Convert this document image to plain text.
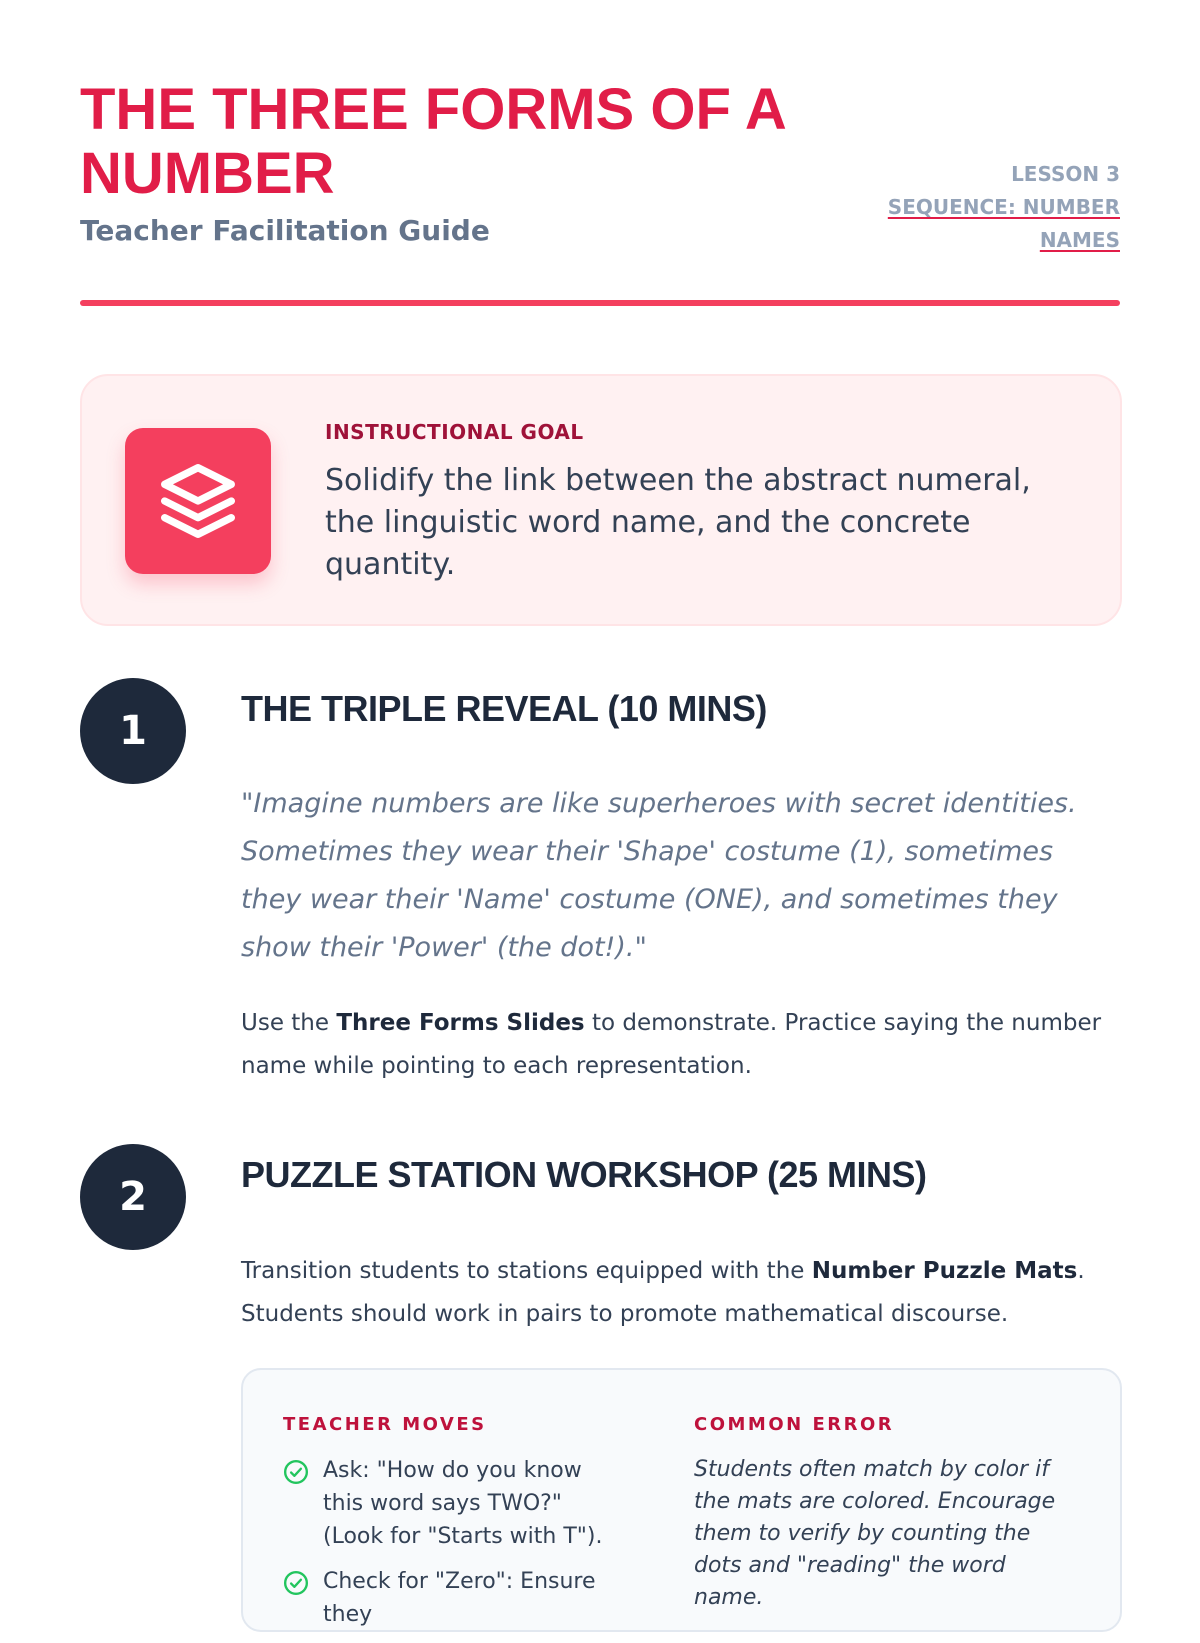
THE THREE FORMS OF A NUMBER
Teacher Facilitation Guide
LESSON 3
SEQUENCE: NUMBER NAMES
INSTRUCTIONAL GOAL
Solidify the link between the abstract numeral, the linguistic word name, and the concrete quantity.
1	THE TRIPLE REVEAL (10 MINS)
"Imagine numbers are like superheroes with secret identities. Sometimes they wear their 'Shape' costume (1), sometimes they wear their 'Name' costume (ONE), and sometimes they show their 'Power' (the dot!)."
Use the Three Forms Slides to demonstrate. Practice saying the number name while pointing to each representation.
2	PUZZLE STATION WORKSHOP (25 MINS)
Transition students to stations equipped with the Number Puzzle Mats. Students should work in pairs to promote mathematical discourse.
TEACHER MOVES
Ask: "How do you know this word says TWO?" (Look for "Starts with T").
Check for "Zero": Ensure they
COMMON ERROR
Students often match by color if the mats are colored. Encourage them to verify by counting the dots and "reading" the word name.
